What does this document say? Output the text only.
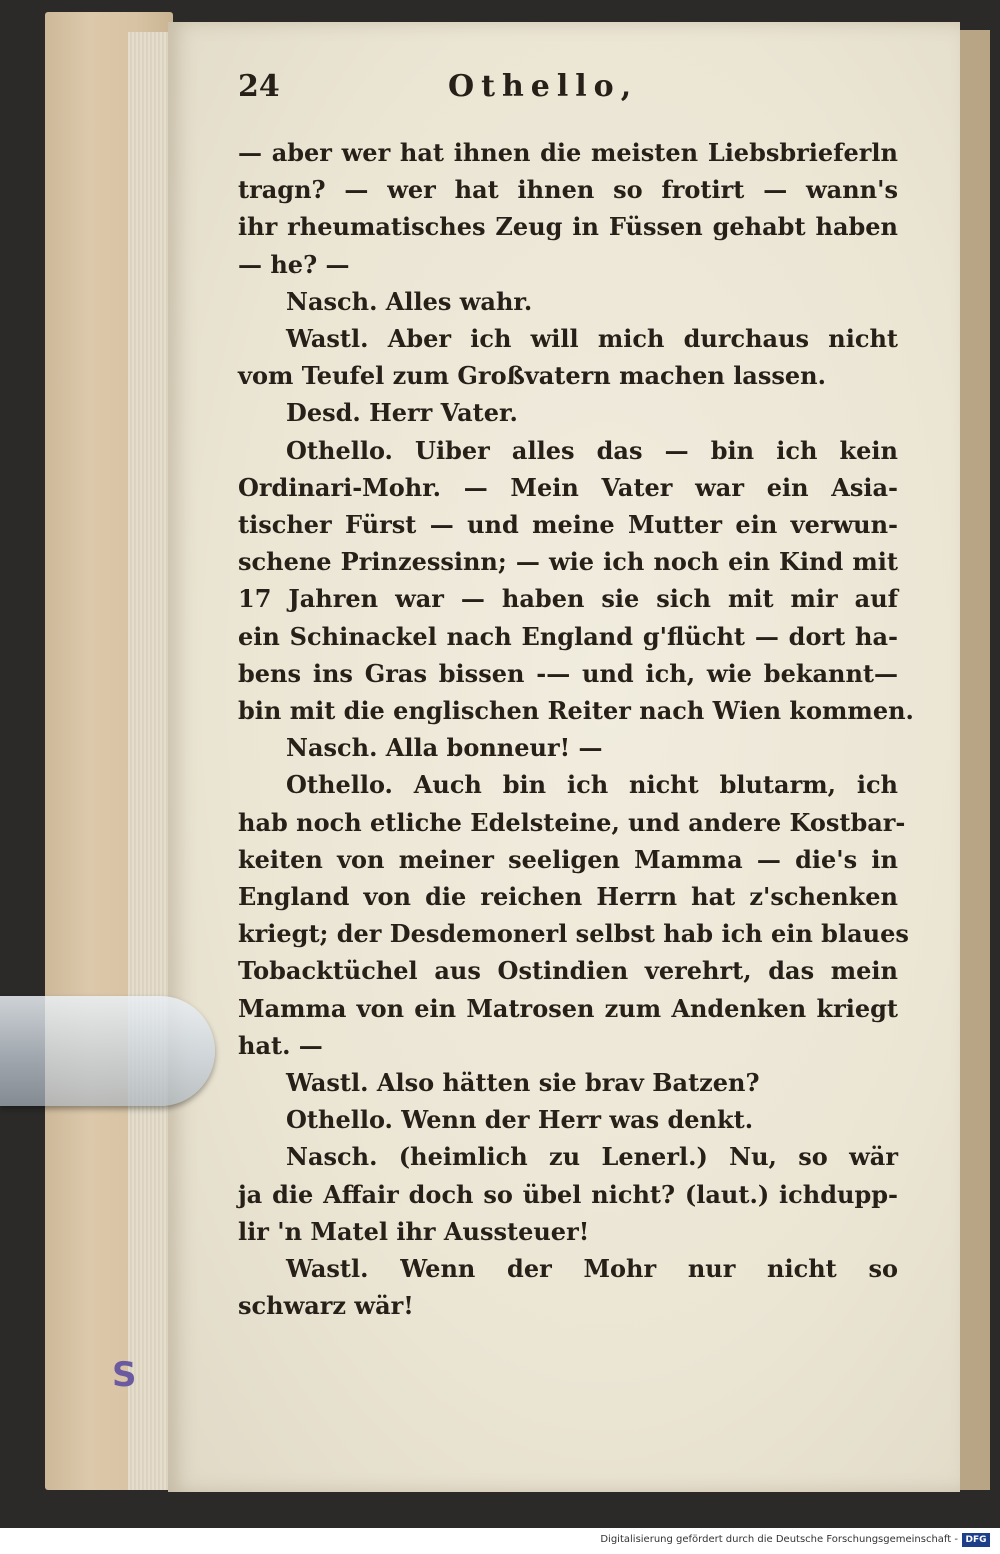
S
24	Othello,
— aber wer hat ihnen die meisten Liebsbrieferln
tragn? — wer hat ihnen so frotirt — wann's
ihr rheumatisches Zeug in Füssen gehabt haben
— he? —
Nasch. Alles wahr.
Wastl. Aber ich will mich durchaus nicht
vom Teufel zum Großvatern machen lassen.
Desd. Herr Vater.
Othello. Uiber alles das — bin ich kein
Ordinari-Mohr. — Mein Vater war ein Asia-
tischer Fürst — und meine Mutter ein verwun-
schene Prinzessinn; — wie ich noch ein Kind mit
17 Jahren war — haben sie sich mit mir auf
ein Schinackel nach England g'flücht — dort ha-
bens ins Gras bissen -— und ich, wie bekannt—
bin mit die englischen Reiter nach Wien kommen.
Nasch. Alla bonneur! —
Othello. Auch bin ich nicht blutarm, ich
hab noch etliche Edelsteine, und andere Kostbar-
keiten von meiner seeligen Mamma — die's in
England von die reichen Herrn hat z'schenken
kriegt; der Desdemonerl selbst hab ich ein blaues
Tobacktüchel aus Ostindien verehrt, das mein
Mamma von ein Matrosen zum Andenken kriegt
hat. —
Wastl. Also hätten sie brav Batzen?
Othello. Wenn der Herr was denkt.
Nasch. (heimlich zu Lenerl.) Nu, so wär
ja die Affair doch so übel nicht? (laut.) ichdupp-
lir 'n Matel ihr Aussteuer!
Wastl. Wenn der Mohr nur nicht so
schwarz wär!
Digitalisierung gefördert durch die Deutsche Forschungsgemeinschaft - DFG
